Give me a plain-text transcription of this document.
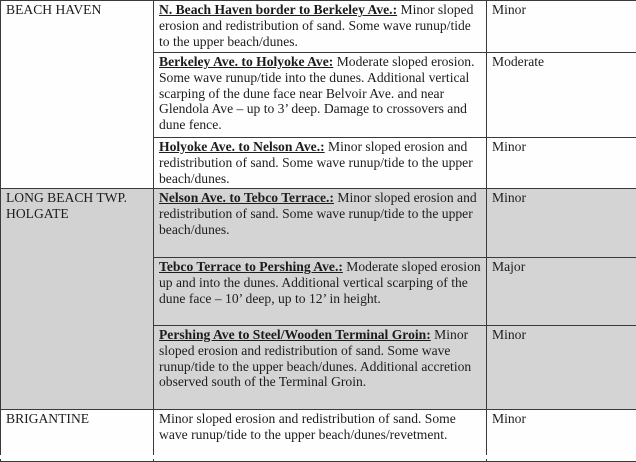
BEACH HAVEN	N. Beach Haven border to Berkeley Ave.: Minor sloped erosion and redistribution of sand. Some wave runup/tide to the upper beach/dunes.	Minor
	Berkeley Ave. to Holyoke Ave: Moderate sloped erosion. Some wave runup/tide into the dunes. Additional vertical scarping of the dune face near Belvoir Ave. and near Glendola Ave – up to 3’ deep. Damage to crossovers and dune fence.	Moderate
	Holyoke Ave. to Nelson Ave.: Minor sloped erosion and redistribution of sand. Some wave runup/tide to the upper beach/dunes.	Minor

LONG BEACH TWP.
HOLGATE	Nelson Ave. to Tebco Terrace.: Minor sloped erosion and redistribution of sand. Some wave runup/tide to the upper beach/dunes.	Minor
	Tebco Terrace to Pershing Ave.: Moderate sloped erosion up and into the dunes. Additional vertical scarping of the dune face – 10’ deep, up to 12’ in height.	Major
	Pershing Ave to Steel/Wooden Terminal Groin: Minor sloped erosion and redistribution of sand. Some wave runup/tide to the upper beach/dunes. Additional accretion observed south of the Terminal Groin.	Minor

BRIGANTINE	Minor sloped erosion and redistribution of sand. Some wave runup/tide to the upper beach/dunes/revetment.	Minor
